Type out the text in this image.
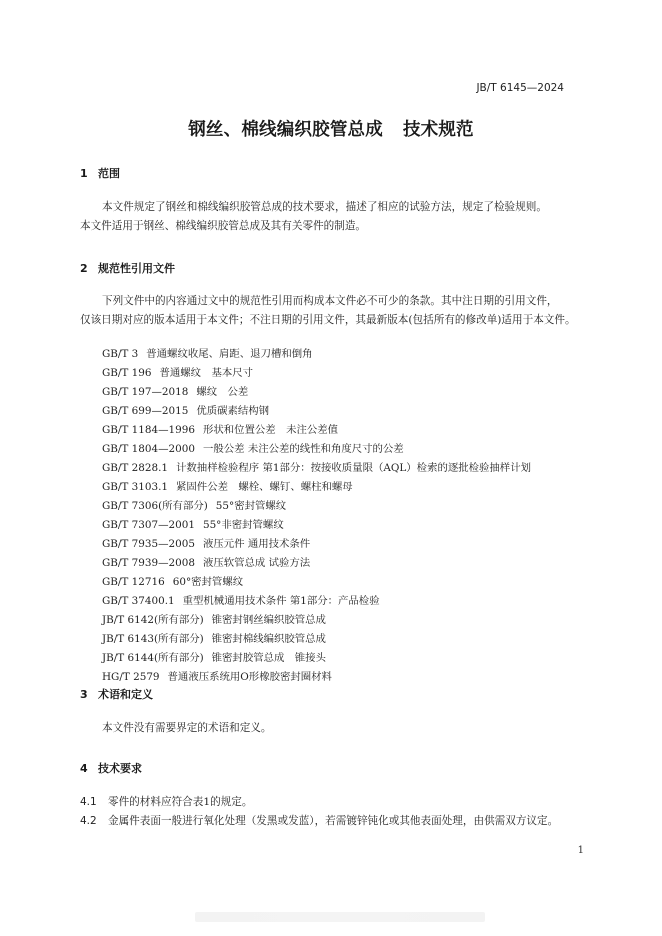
JB/T 6145—2024
钢丝、棉线编织胶管总成 技术规范
1 范围
本文件规定了钢丝和棉线编织胶管总成的技术要求，描述了相应的试验方法，规定了检验规则。
本文件适用于钢丝、棉线编织胶管总成及其有关零件的制造。
2 规范性引用文件
下列文件中的内容通过文中的规范性引用而构成本文件必不可少的条款。其中注日期的引用文件，
仅该日期对应的版本适用于本文件；不注日期的引用文件，其最新版本(包括所有的修改单)适用于本文件。
GB/T 3 普通螺纹收尾、肩距、退刀槽和倒角
GB/T 196 普通螺纹　基本尺寸
GB/T 197—2018 螺纹　公差
GB/T 699—2015 优质碳素结构钢
GB/T 1184—1996 形状和位置公差　未注公差值
GB/T 1804—2000 一般公差 未注公差的线性和角度尺寸的公差
GB/T 2828.1 计数抽样检验程序 第1部分：按接收质量限（AQL）检索的逐批检验抽样计划
GB/T 3103.1 紧固件公差　螺栓、螺钉、螺柱和螺母
GB/T 7306(所有部分) 55°密封管螺纹
GB/T 7307—2001 55°非密封管螺纹
GB/T 7935—2005 液压元件 通用技术条件
GB/T 7939—2008 液压软管总成 试验方法
GB/T 12716 60°密封管螺纹
GB/T 37400.1 重型机械通用技术条件 第1部分：产品检验
JB/T 6142(所有部分) 锥密封钢丝编织胶管总成
JB/T 6143(所有部分) 锥密封棉线编织胶管总成
JB/T 6144(所有部分) 锥密封胶管总成　锥接头
HG/T 2579 普通液压系统用O形橡胶密封圈材料
3 术语和定义
本文件没有需要界定的术语和定义。
4 技术要求
4.1 零件的材料应符合表1的规定。
4.2 金属件表面一般进行氧化处理（发黑或发蓝），若需镀锌钝化或其他表面处理，由供需双方议定。
1
